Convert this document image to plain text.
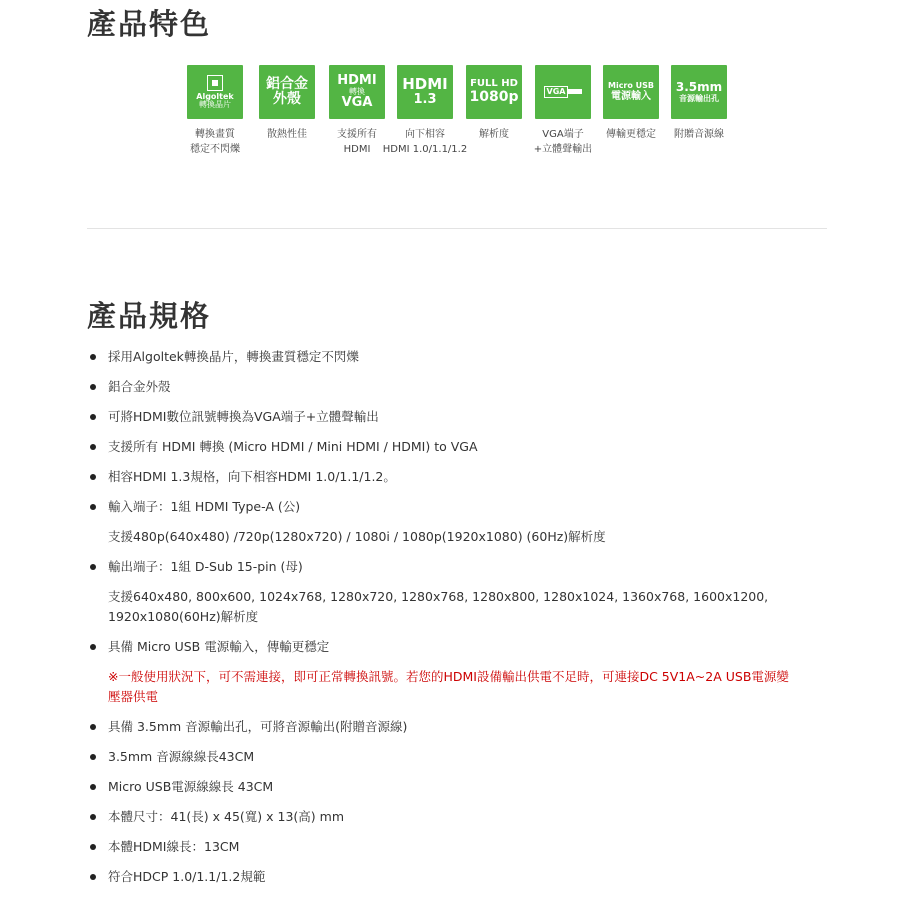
產品特色
Algoltek
轉換晶片
轉換畫質
穩定不閃爍
鋁合金
外殼
散熱性佳
HDMI
轉換
VGA
支援所有
HDMI
HDMI
1.3
向下相容
HDMI 1.0/1.1/1.2
FULL HD
1080p
解析度
VGA
VGA端子
+立體聲輸出
Micro USB
電源輸入
傳輸更穩定
3.5mm
音源輸出孔
附贈音源線
產品規格
採用Algoltek轉換晶片，轉換畫質穩定不閃爍
鋁合金外殼
可將HDMI數位訊號轉換為VGA端子+立體聲輸出
支援所有 HDMI 轉換 (Micro HDMI / Mini HDMI / HDMI) to VGA
相容HDMI 1.3規格，向下相容HDMI 1.0/1.1/1.2。
輸入端子：1組 HDMI Type-A (公)
支援480p(640x480) /720p(1280x720) / 1080i / 1080p(1920x1080) (60Hz)解析度
輸出端子：1組 D-Sub 15-pin (母)
支援640x480, 800x600, 1024x768, 1280x720, 1280x768, 1280x800, 1280x1024, 1360x768, 1600x1200,
1920x1080(60Hz)解析度
具備 Micro USB 電源輸入，傳輸更穩定
※一般使用狀況下，可不需連接，即可正常轉換訊號。若您的HDMI設備輸出供電不足時，可連接DC 5V1A~2A USB電源變
壓器供電
具備 3.5mm 音源輸出孔，可將音源輸出(附贈音源線)
3.5mm 音源線線長43CM
Micro USB電源線線長 43CM
本體尺寸：41(長) x 45(寬) x 13(高) mm
本體HDMI線長：13CM
符合HDCP 1.0/1.1/1.2規範
